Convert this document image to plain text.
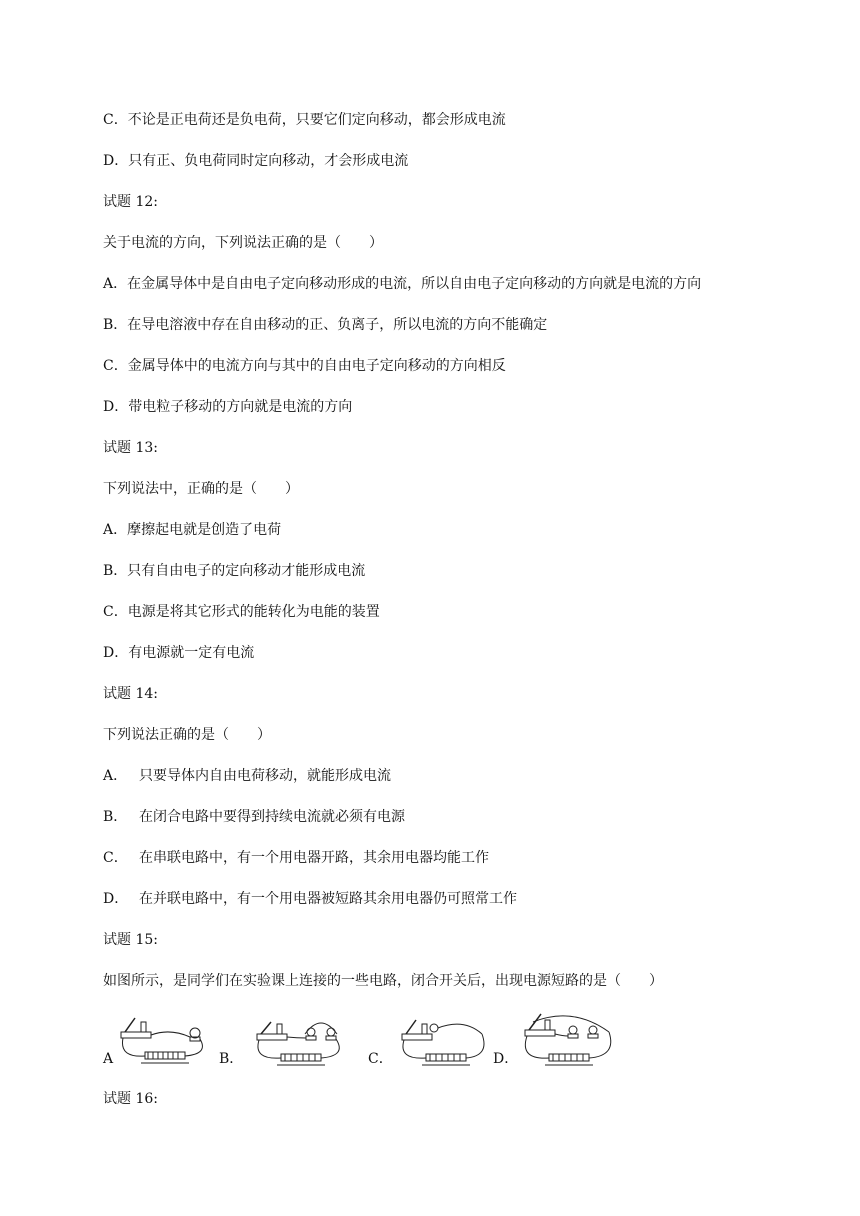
C．不论是正电荷还是负电荷，只要它们定向移动，都会形成电流
D．只有正、负电荷同时定向移动，才会形成电流
试题 12:
关于电流的方向，下列说法正确的是（　　）
A．在金属导体中是自由电子定向移动形成的电流，所以自由电子定向移动的方向就是电流的方向
B．在导电溶液中存在自由移动的正、负离子，所以电流的方向不能确定
C．金属导体中的电流方向与其中的自由电子定向移动的方向相反
D．带电粒子移动的方向就是电流的方向
试题 13:
下列说法中，正确的是（　　）
A．摩擦起电就是创造了电荷
B．只有自由电子的定向移动才能形成电流
C．电源是将其它形式的能转化为电能的装置
D．有电源就一定有电流
试题 14:
下列说法正确的是（　　）
A． 只要导体内自由电荷移动，就能形成电流
B． 在闭合电路中要得到持续电流就必须有电源
C． 在串联电路中，有一个用电器开路，其余用电器均能工作
D． 在并联电路中，有一个用电器被短路其余用电器仍可照常工作
试题 15:
如图所示，是同学们在实验课上连接的一些电路，闭合开关后，出现电源短路的是（　　）
A	B．	C．	D．
试题 16:
